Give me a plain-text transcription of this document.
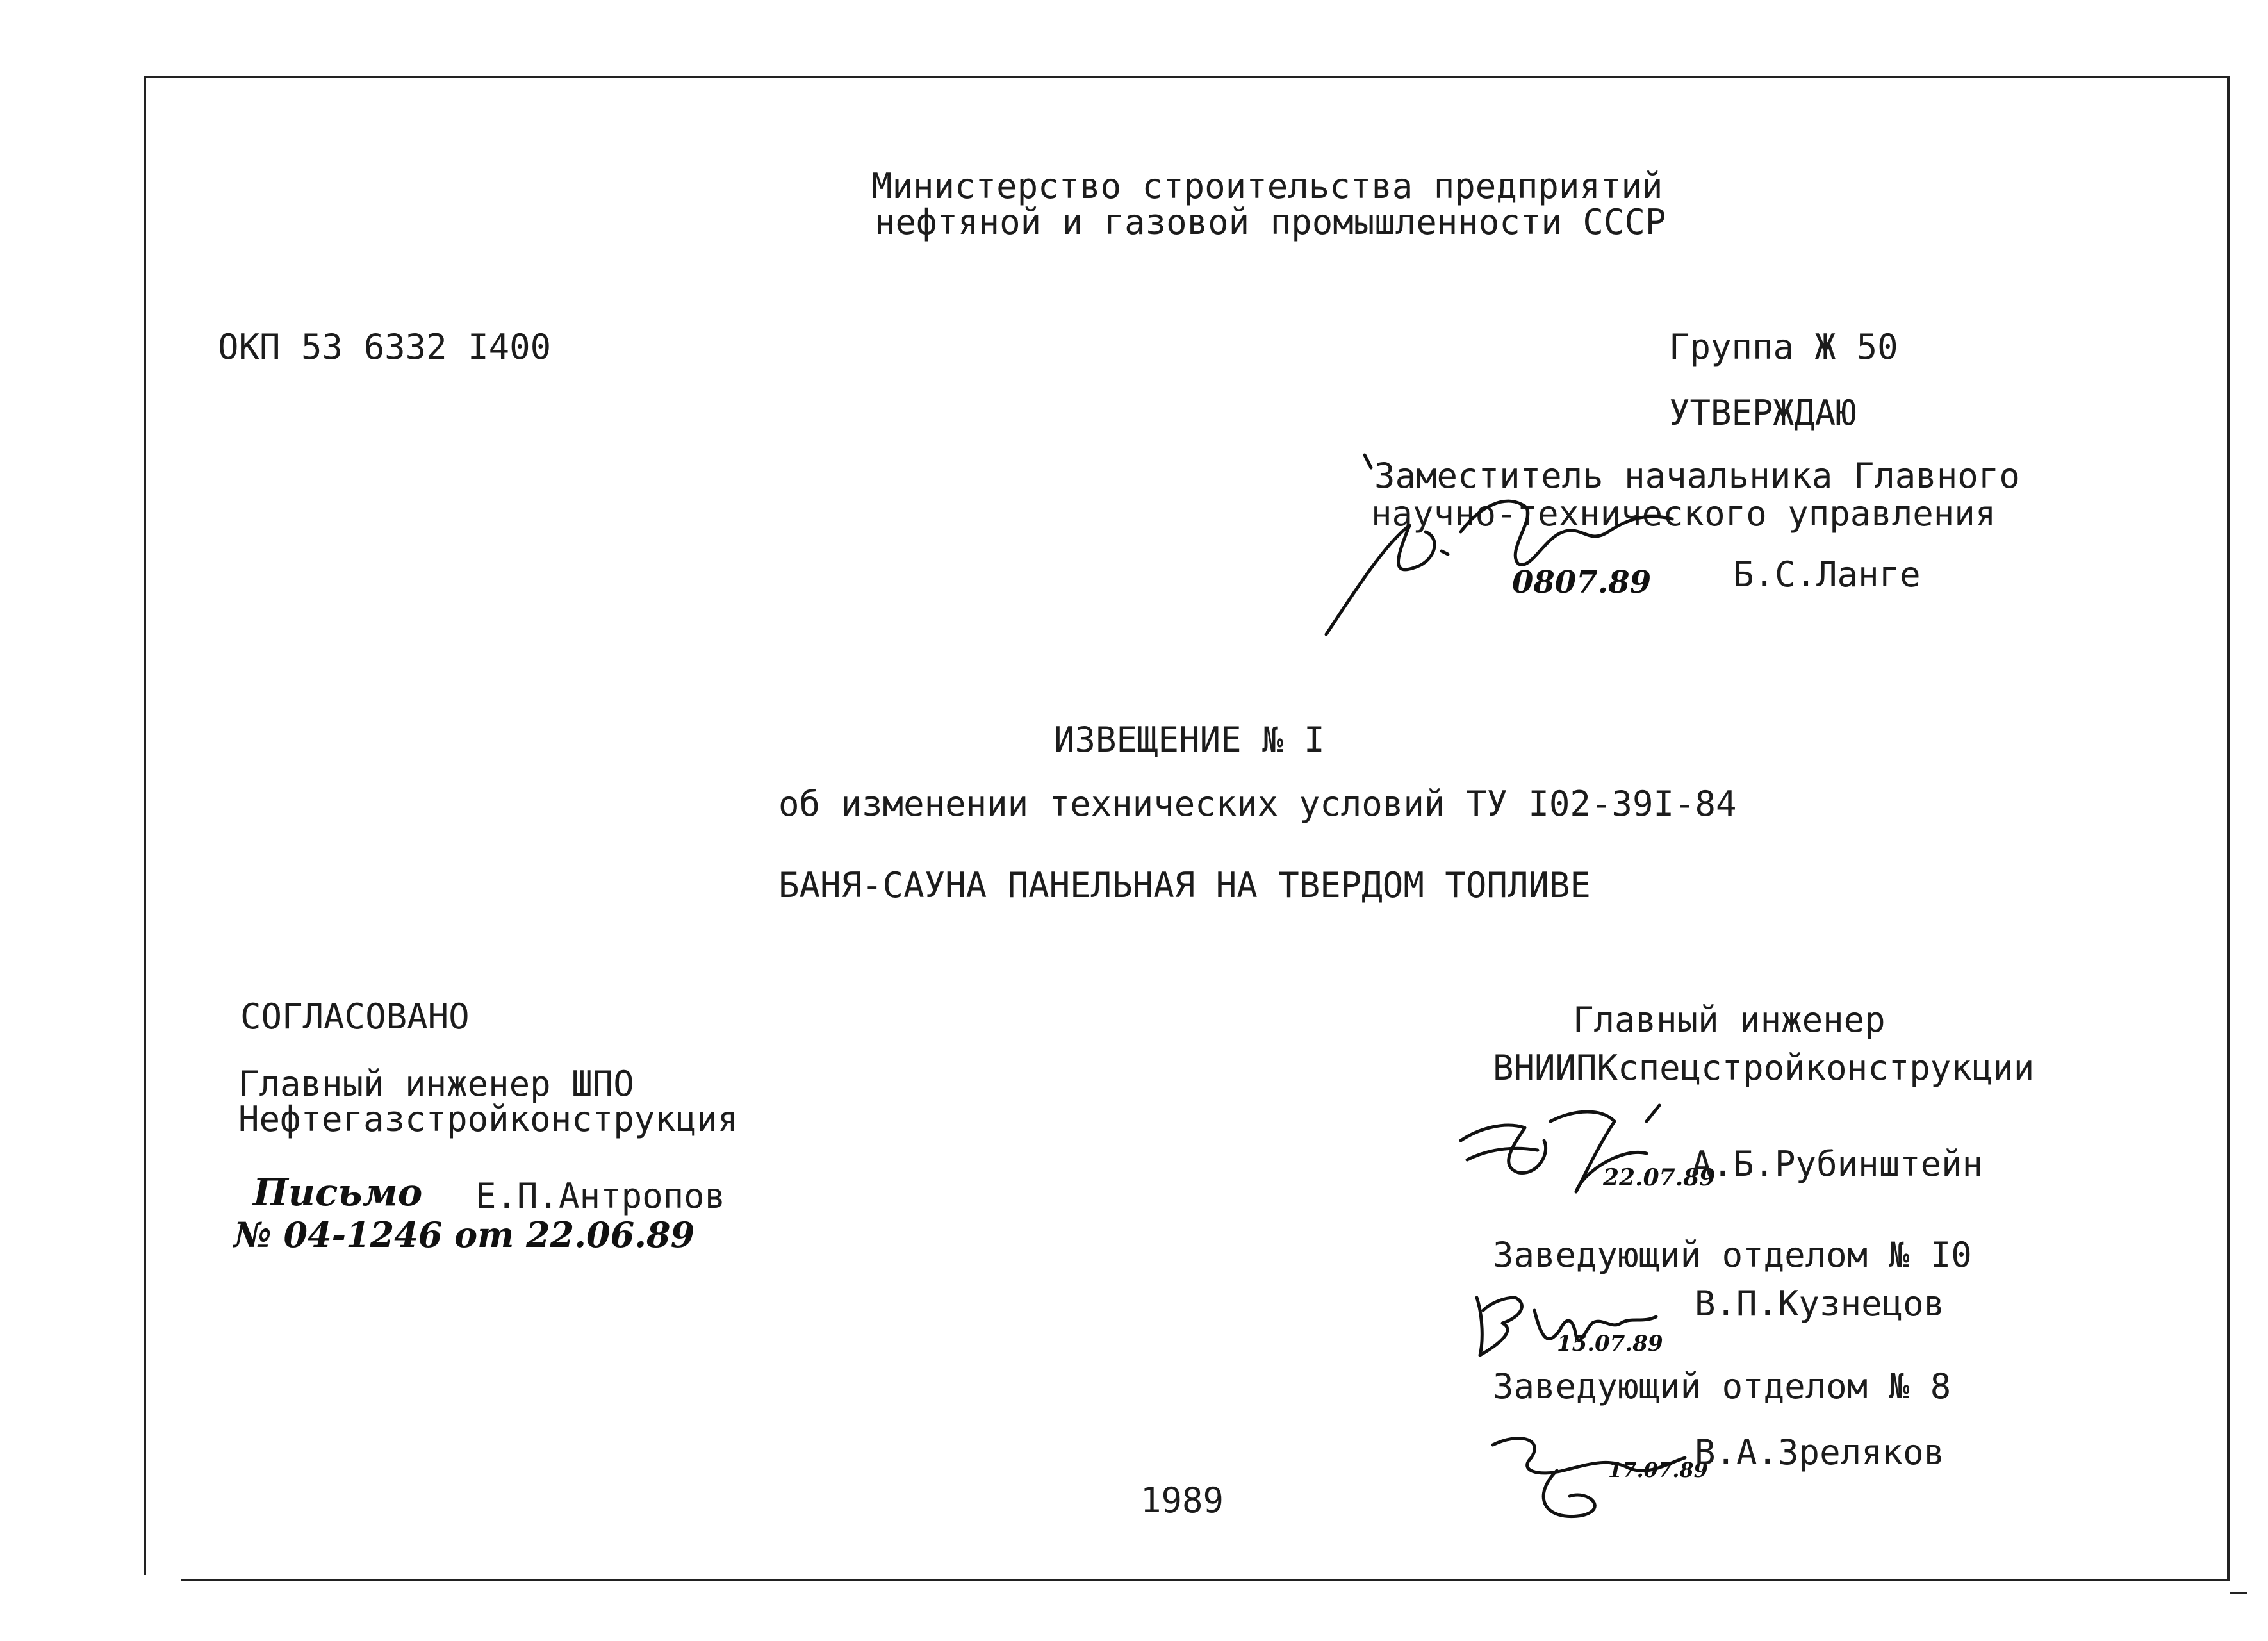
Министерство строительства предприятий
нефтяной и газовой промышленности СССР
ОКП 53 6332 I400	Группа Ж 50
УТВЕРЖДАЮ
Заместитель начальника Главного
научно-технического управления
0807.89 Б.С.Ланге
ИЗВЕЩЕНИЕ № I
об изменении технических условий ТУ I02-39I-84
БАНЯ-САУНА ПАНЕЛЬНАЯ НА ТВЕРДОМ ТОПЛИВЕ
СОГЛАСОВАНО
Главный инженер ШПО
Нефтегазстройконструкция
Письмо
№ 04-1246 от 22.06.89
Е.П.Антропов
Главный инженер
ВНИИПКспецстройконструкции
22.07.89
А.Б.Рубинштейн
Заведующий отделом № I0
15.07.89
В.П.Кузнецов
Заведующий отделом № 8
17.07.89
В.А.Зреляков
1989
